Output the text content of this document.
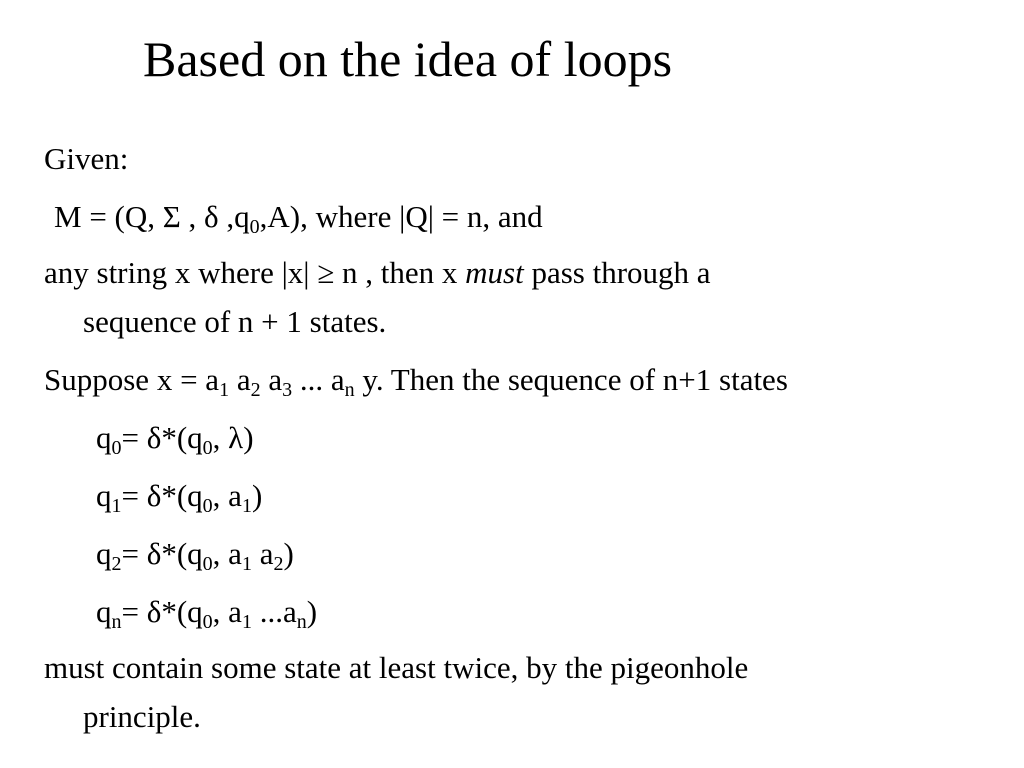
Based on the idea of loops
Given:
M = (Q, Σ , δ $,q_0,A$), where |Q| = n, and
any string x where |x| ≥ n , then x must pass through a
sequence of n + 1 states.
Suppose $x = a_1$ $a_2$ $a_3$ ... $a_n$ y. Then the sequence of n+1 states
$q_0= \delta*(q_0$, λ)
$q_1= \delta*(q_0$, $a_1$)
$q_2= \delta*(q_0$, $a_1$ $a_2$)
$q_n= \delta*(q_0$, $a_1$ $...a_n$)
must contain some state at least twice, by the pigeonhole
principle.
